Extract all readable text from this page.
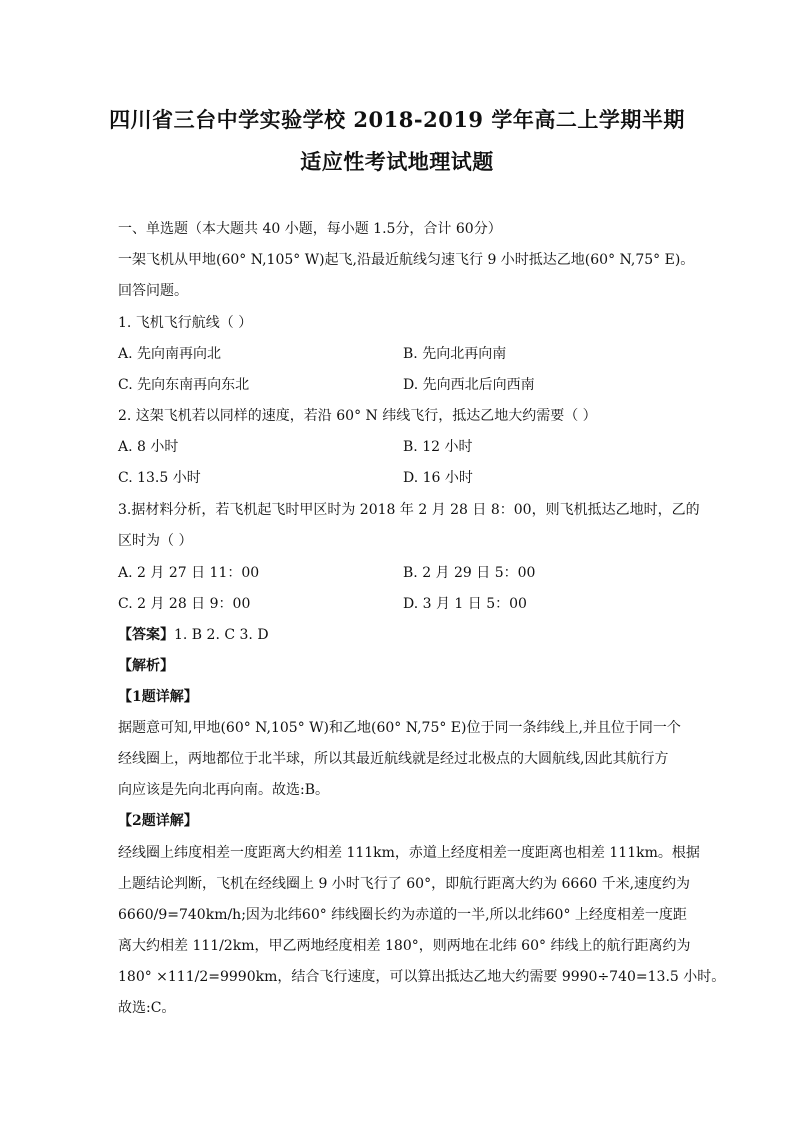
四川省三台中学实验学校 2018-2019 学年高二上学期半期
适应性考试地理试题
一、单选题（本大题共 40 小题，每小题 1.5分，合计 60分）
一架飞机从甲地(60° N,105° W)起飞,沿最近航线匀速飞行 9 小时抵达乙地(60° N,75° E)。
回答问题。
1. 飞机飞行航线（ ）
A. 先向南再向北	B. 先向北再向南
C. 先向东南再向东北	D. 先向西北后向西南
2. 这架飞机若以同样的速度，若沿 60° N 纬线飞行，抵达乙地大约需要（ ）
A. 8 小时	B. 12 小时
C. 13.5 小时	D. 16 小时
3.据材料分析，若飞机起飞时甲区时为 2018 年 2 月 28 日 8：00，则飞机抵达乙地时，乙的
区时为（ ）
A. 2 月 27 日 11：00	B. 2 月 29 日 5：00
C. 2 月 28 日 9：00	D. 3 月 1 日 5：00
【答案】1. B 2. C 3. D
【解析】
【1题详解】
据题意可知,甲地(60° N,105° W)和乙地(60° N,75° E)位于同一条纬线上,并且位于同一个
经线圈上，两地都位于北半球，所以其最近航线就是经过北极点的大圆航线,因此其航行方
向应该是先向北再向南。故选:B。
【2题详解】
经线圈上纬度相差一度距离大约相差 111km，赤道上经度相差一度距离也相差 111km。根据
上题结论判断，飞机在经线圈上 9 小时飞行了 60°，即航行距离大约为 6660 千米,速度约为
6660/9=740km/h;因为北纬60° 纬线圈长约为赤道的一半,所以北纬60° 上经度相差一度距
离大约相差 111/2km，甲乙两地经度相差 180°，则两地在北纬 60° 纬线上的航行距离约为
180° ×111/2=9990km，结合飞行速度，可以算出抵达乙地大约需要 9990÷740=13.5 小时。
故选:C。
